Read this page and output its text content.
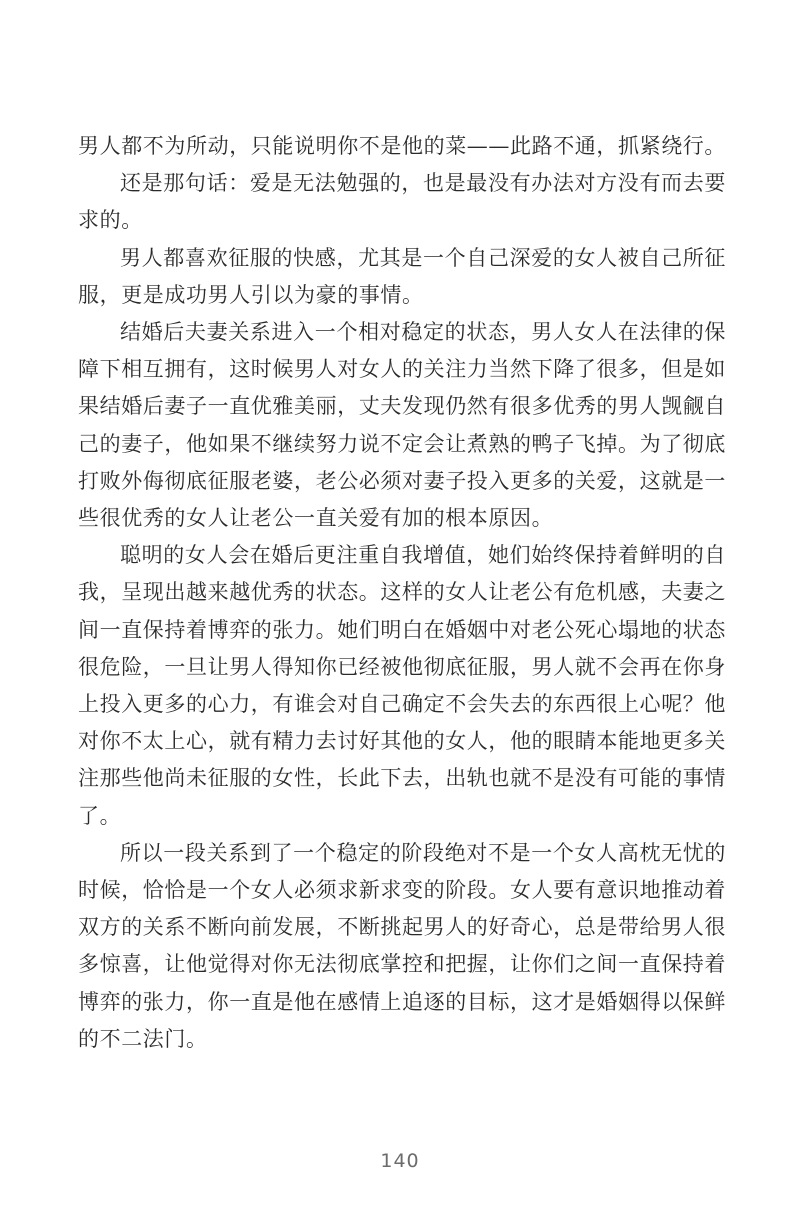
男人都不为所动，只能说明你不是他的菜——此路不通，抓紧绕行。

还是那句话：爱是无法勉强的，也是最没有办法对方没有而去要求的。

男人都喜欢征服的快感，尤其是一个自己深爱的女人被自己所征服，更是成功男人引以为豪的事情。

结婚后夫妻关系进入一个相对稳定的状态，男人女人在法律的保障下相互拥有，这时候男人对女人的关注力当然下降了很多，但是如果结婚后妻子一直优雅美丽，丈夫发现仍然有很多优秀的男人觊觎自己的妻子，他如果不继续努力说不定会让煮熟的鸭子飞掉。为了彻底打败外侮彻底征服老婆，老公必须对妻子投入更多的关爱，这就是一些很优秀的女人让老公一直关爱有加的根本原因。

聪明的女人会在婚后更注重自我增值，她们始终保持着鲜明的自我，呈现出越来越优秀的状态。这样的女人让老公有危机感，夫妻之间一直保持着博弈的张力。她们明白在婚姻中对老公死心塌地的状态很危险，一旦让男人得知你已经被他彻底征服，男人就不会再在你身上投入更多的心力，有谁会对自己确定不会失去的东西很上心呢？他对你不太上心，就有精力去讨好其他的女人，他的眼睛本能地更多关注那些他尚未征服的女性，长此下去，出轨也就不是没有可能的事情了。

所以一段关系到了一个稳定的阶段绝对不是一个女人高枕无忧的时候，恰恰是一个女人必须求新求变的阶段。女人要有意识地推动着双方的关系不断向前发展，不断挑起男人的好奇心，总是带给男人很多惊喜，让他觉得对你无法彻底掌控和把握，让你们之间一直保持着博弈的张力，你一直是他在感情上追逐的目标，这才是婚姻得以保鲜的不二法门。

140
